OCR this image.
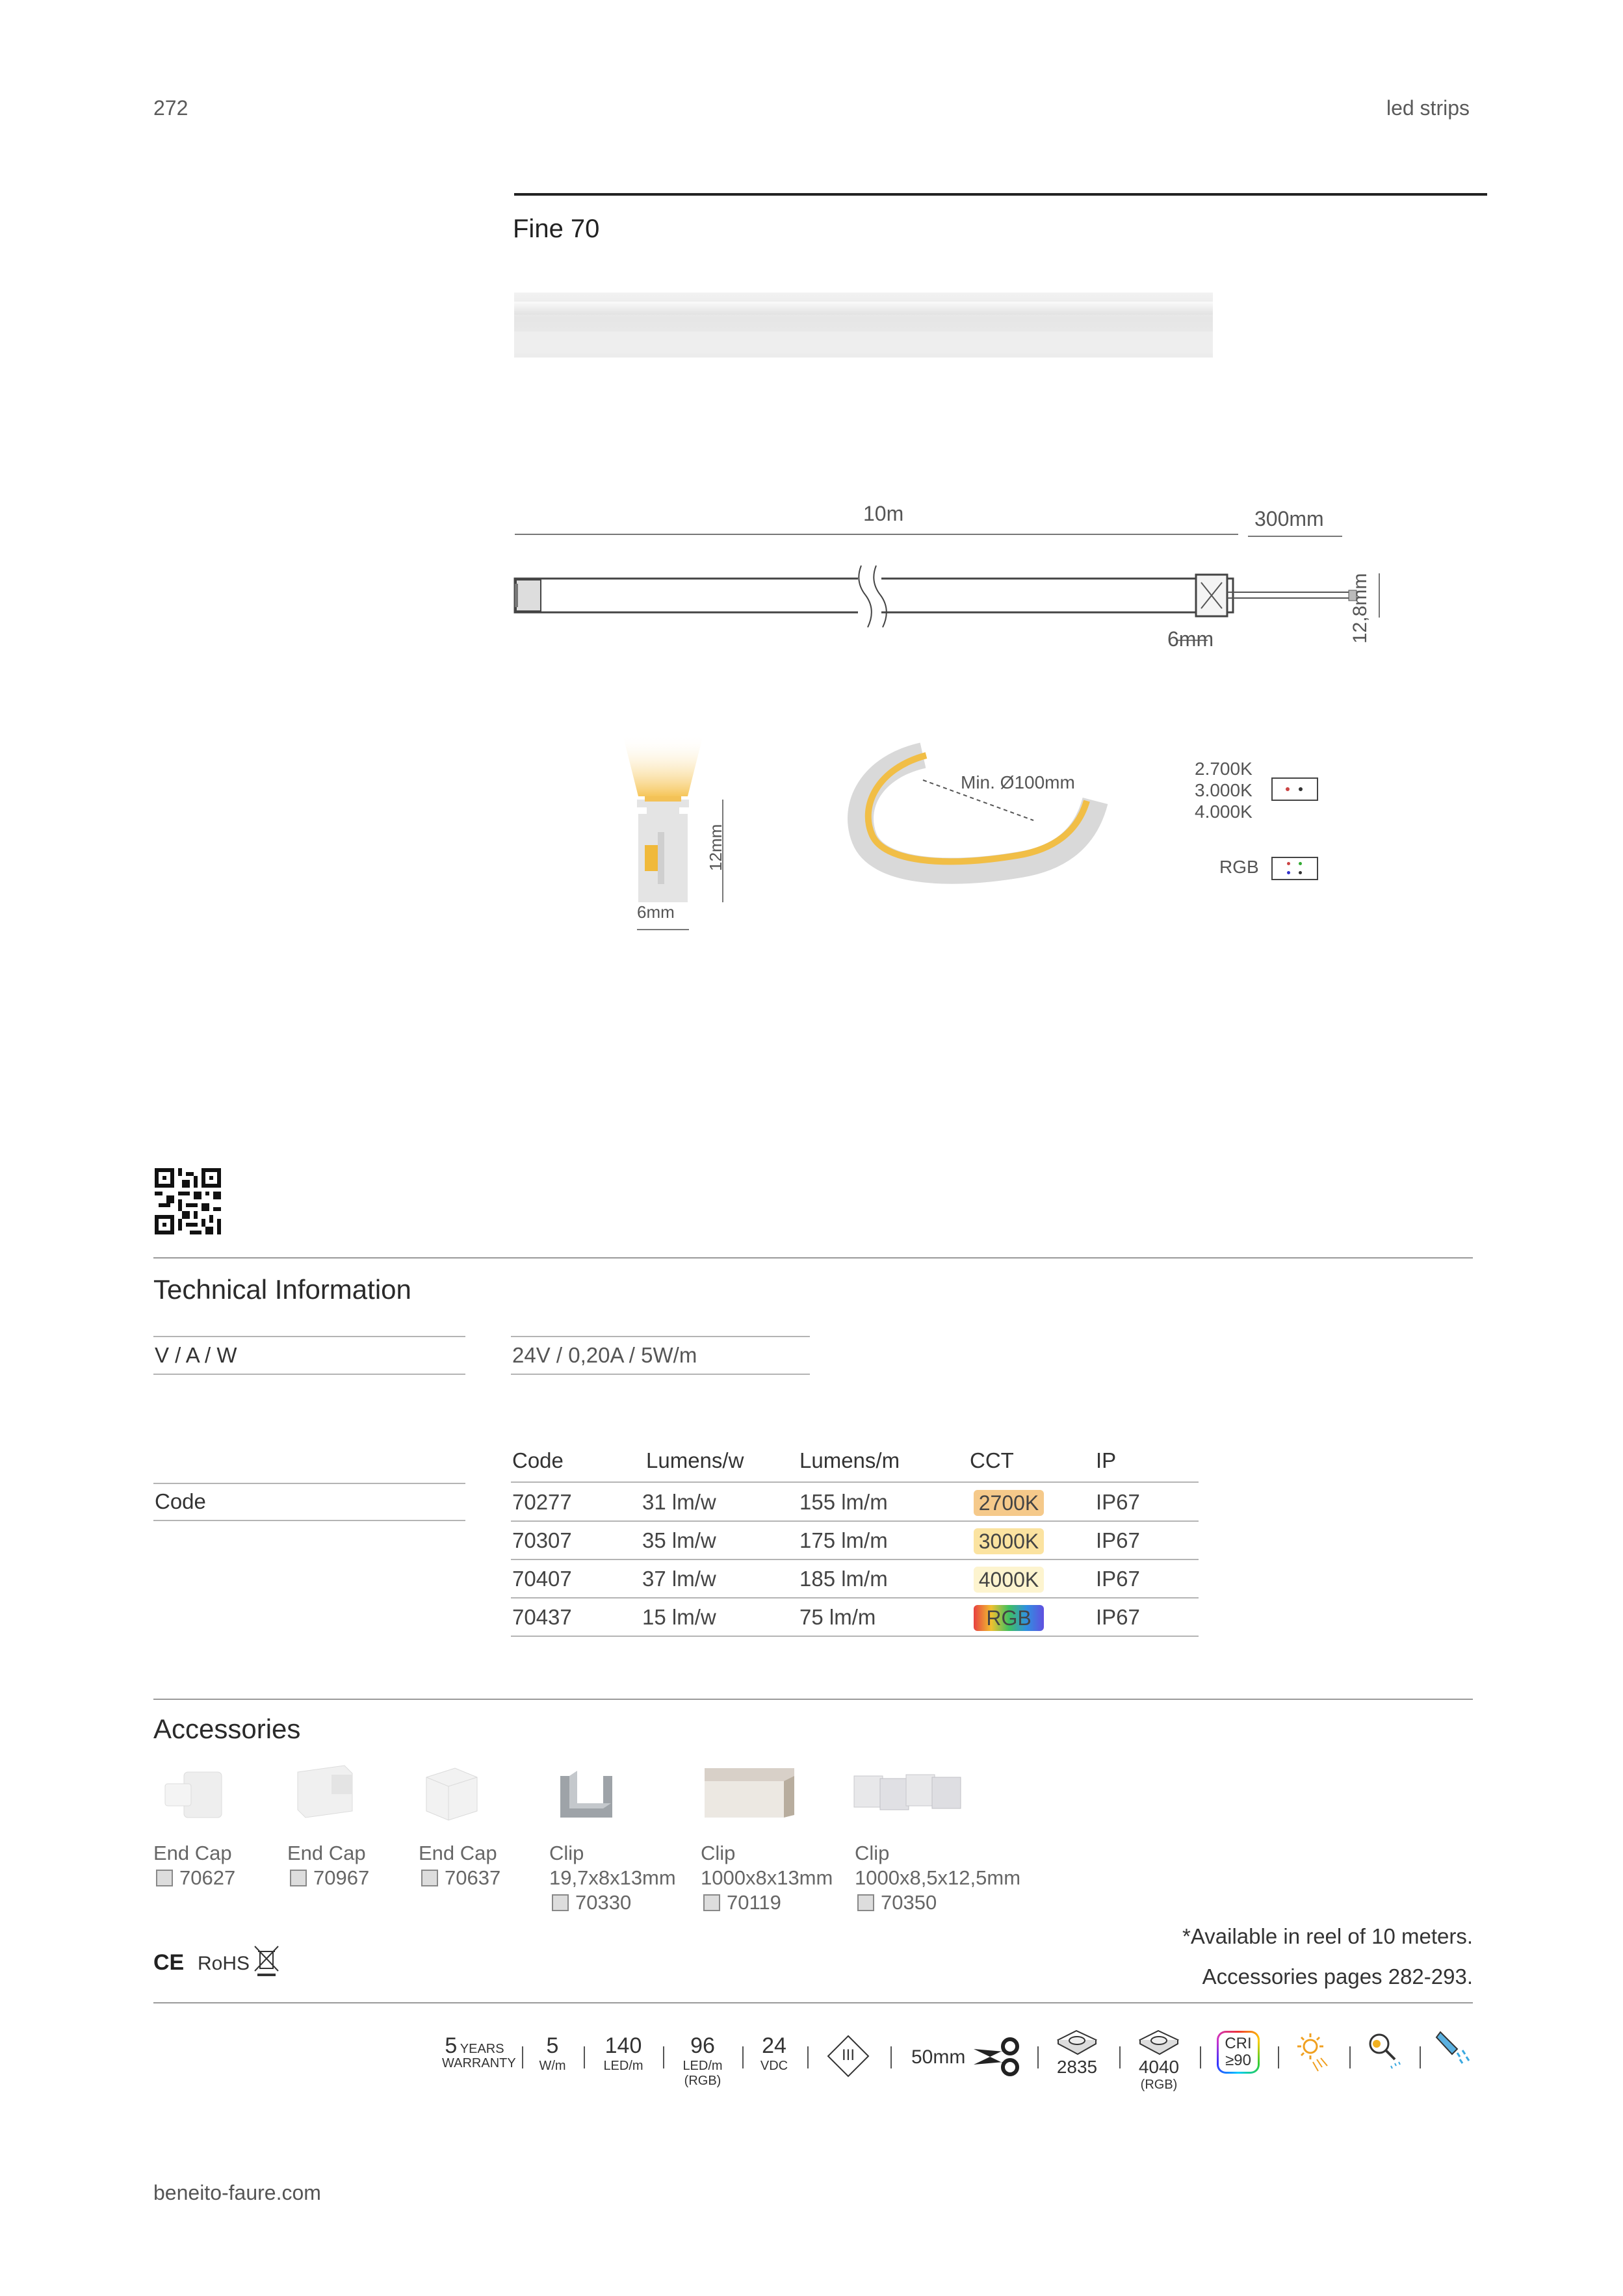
272	led strips
Fine 70
10m	300mm
6mm	12,8mm
6mm
12mm
Min. Ø100mm
2.700K
3.000K
4.000K
RGB
Technical Information
V / A / W	24V / 0,20A / 5W/m
Code
Code	Lumens/w	Lumens/m	CCT	IP
70277	31 lm/w	155 lm/m	2700K	IP67
70307	35 lm/w	175 lm/m	3000K	IP67
70407	37 lm/w	185 lm/m	4000K	IP67
70437	15 lm/w	75 lm/m	RGB	IP67
Accessories
End Cap
70627
End Cap
70967
End Cap
70637
Clip
19,7x8x13mm
70330
Clip
1000x8x13mm
70119
Clip
1000x8,5x12,5mm
70350
CE RoHS
*Available in reel of 10 meters.
Accessories pages 282-293.
5 YEARS
WARRANTY
5
W/m
140
LED/m
96
LED/m
(RGB)
24
VDC
III	50mm	2835	4040
(RGB)
CRI
≥90
beneito-faure.com
